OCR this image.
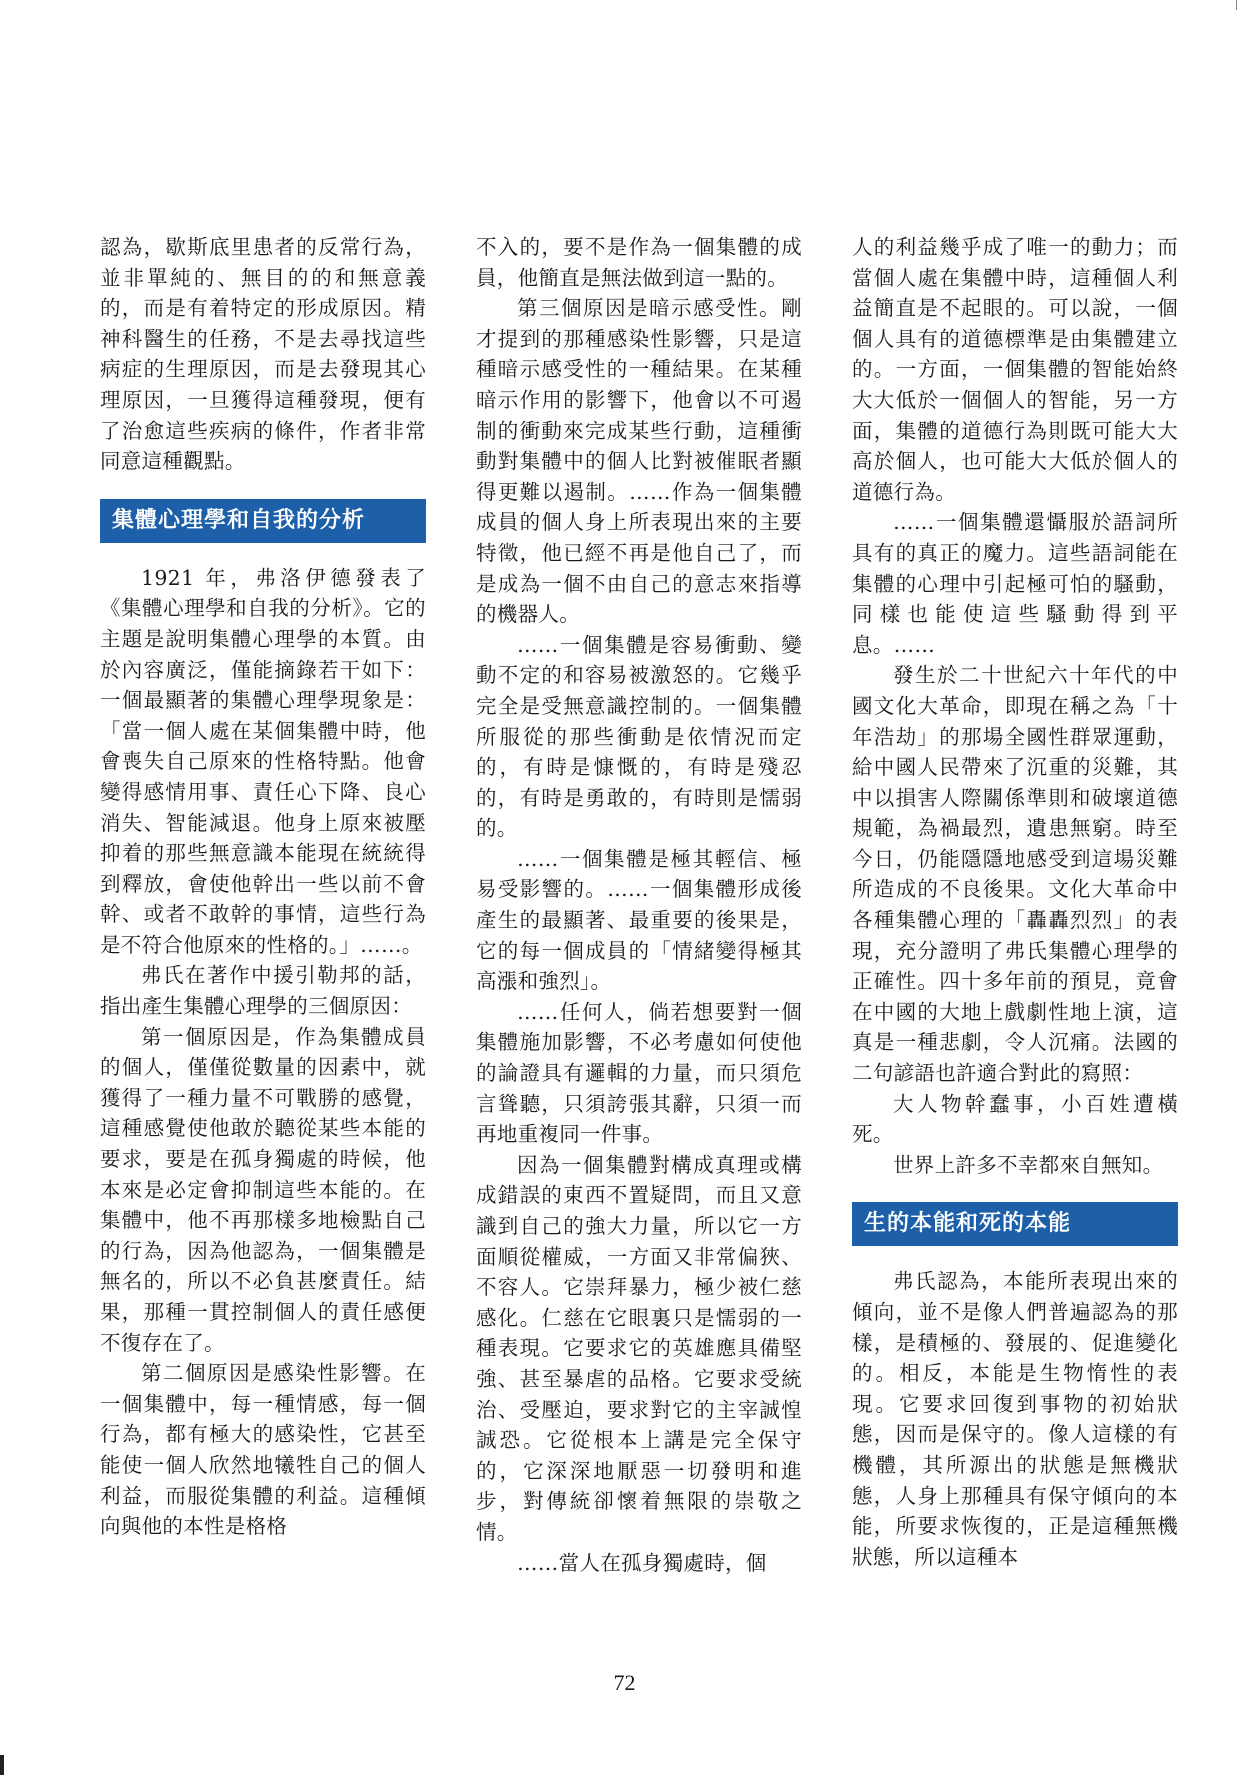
認為，歇斯底里患者的反常行為，並非單純的、無目的的和無意義的，而是有着特定的形成原因。精神科醫生的任務，不是去尋找這些病症的生理原因，而是去發現其心理原因，一旦獲得這種發現，便有了治愈這些疾病的條件，作者非常同意這種觀點。

集體心理學和自我的分析

1921 年，弗洛伊德發表了《集體心理學和自我的分析》。它的主題是說明集體心理學的本質。由於內容廣泛，僅能摘錄若干如下：一個最顯著的集體心理學現象是：「當一個人處在某個集體中時，他會喪失自己原來的性格特點。他會變得感情用事、責任心下降、良心消失、智能減退。他身上原來被壓抑着的那些無意識本能現在統統得到釋放，會使他幹出一些以前不會幹、或者不敢幹的事情，這些行為是不符合他原來的性格的。」……。

弗氏在著作中援引勒邦的話，指出產生集體心理學的三個原因：

第一個原因是，作為集體成員的個人，僅僅從數量的因素中，就獲得了一種力量不可戰勝的感覺，這種感覺使他敢於聽從某些本能的要求，要是在孤身獨處的時候，他本來是必定會抑制這些本能的。在集體中，他不再那樣多地檢點自己的行為，因為他認為，一個集體是無名的，所以不必負甚麼責任。結果，那種一貫控制個人的責任感便不復存在了。

第二個原因是感染性影響。在一個集體中，每一種情感，每一個行為，都有極大的感染性，它甚至能使一個人欣然地犧牲自己的個人利益，而服從集體的利益。這種傾向與他的本性是格格

不入的，要不是作為一個集體的成員，他簡直是無法做到這一點的。

第三個原因是暗示感受性。剛才提到的那種感染性影響，只是這種暗示感受性的一種結果。在某種暗示作用的影響下，他會以不可遏制的衝動來完成某些行動，這種衝動對集體中的個人比對被催眠者顯得更難以遏制。……作為一個集體成員的個人身上所表現出來的主要特徵，他已經不再是他自己了，而是成為一個不由自己的意志來指導的機器人。

……一個集體是容易衝動、變動不定的和容易被激怒的。它幾乎完全是受無意識控制的。一個集體所服從的那些衝動是依情況而定的，有時是慷慨的，有時是殘忍的，有時是勇敢的，有時則是懦弱的。

……一個集體是極其輕信、極易受影響的。……一個集體形成後產生的最顯著、最重要的後果是，它的每一個成員的「情緒變得極其高漲和強烈」。

……任何人，倘若想要對一個集體施加影響，不必考慮如何使他的論證具有邏輯的力量，而只須危言聳聽，只須誇張其辭，只須一而再地重複同一件事。

因為一個集體對構成真理或構成錯誤的東西不置疑問，而且又意識到自己的強大力量，所以它一方面順從權威，一方面又非常偏狹、不容人。它崇拜暴力，極少被仁慈感化。仁慈在它眼裏只是懦弱的一種表現。它要求它的英雄應具備堅強、甚至暴虐的品格。它要求受統治、受壓迫，要求對它的主宰誠惶誠恐。它從根本上講是完全保守的，它深深地厭惡一切發明和進步，對傳統卻懷着無限的崇敬之情。

……當人在孤身獨處時，個

人的利益幾乎成了唯一的動力；而當個人處在集體中時，這種個人利益簡直是不起眼的。可以說，一個個人具有的道德標準是由集體建立的。一方面，一個集體的智能始終大大低於一個個人的智能，另一方面，集體的道德行為則既可能大大高於個人，也可能大大低於個人的道德行為。

……一個集體還懾服於語詞所具有的真正的魔力。這些語詞能在集體的心理中引起極可怕的騷動，同樣也能使這些騷動得到平息。……

發生於二十世紀六十年代的中國文化大革命，即現在稱之為「十年浩劫」的那場全國性群眾運動，給中國人民帶來了沉重的災難，其中以損害人際關係準則和破壞道德規範，為禍最烈，遺患無窮。時至今日，仍能隱隱地感受到這場災難所造成的不良後果。文化大革命中各種集體心理的「轟轟烈烈」的表現，充分證明了弗氏集體心理學的正確性。四十多年前的預見，竟會在中國的大地上戲劇性地上演，這真是一種悲劇，令人沉痛。法國的二句諺語也許適合對此的寫照：

大人物幹蠢事，小百姓遭橫死。

世界上許多不幸都來自無知。

生的本能和死的本能

弗氏認為，本能所表現出來的傾向，並不是像人們普遍認為的那樣，是積極的、發展的、促進變化的。相反，本能是生物惰性的表現。它要求回復到事物的初始狀態，因而是保守的。像人這樣的有機體，其所源出的狀態是無機狀態，人身上那種具有保守傾向的本能，所要求恢復的，正是這種無機狀態，所以這種本

72
